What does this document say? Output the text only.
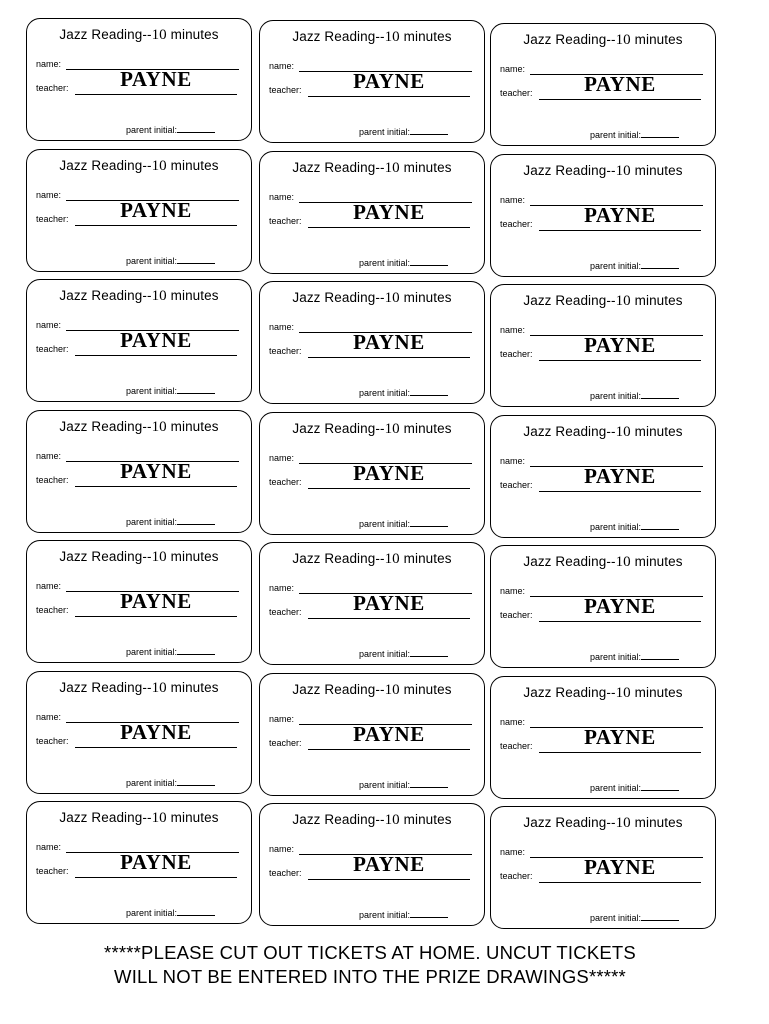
Jazz Reading--10 minutes
name:
teacher:	PAYNE
parent initial:
Jazz Reading--10 minutes
name:
teacher:	PAYNE
parent initial:
Jazz Reading--10 minutes
name:
teacher:	PAYNE
parent initial:
Jazz Reading--10 minutes
name:
teacher:	PAYNE
parent initial:
Jazz Reading--10 minutes
name:
teacher:	PAYNE
parent initial:
Jazz Reading--10 minutes
name:
teacher:	PAYNE
parent initial:
Jazz Reading--10 minutes
name:
teacher:	PAYNE
parent initial:
Jazz Reading--10 minutes
name:
teacher:	PAYNE
parent initial:
Jazz Reading--10 minutes
name:
teacher:	PAYNE
parent initial:
Jazz Reading--10 minutes
name:
teacher:	PAYNE
parent initial:
Jazz Reading--10 minutes
name:
teacher:	PAYNE
parent initial:
Jazz Reading--10 minutes
name:
teacher:	PAYNE
parent initial:
Jazz Reading--10 minutes
name:
teacher:	PAYNE
parent initial:
Jazz Reading--10 minutes
name:
teacher:	PAYNE
parent initial:
Jazz Reading--10 minutes
name:
teacher:	PAYNE
parent initial:
Jazz Reading--10 minutes
name:
teacher:	PAYNE
parent initial:
Jazz Reading--10 minutes
name:
teacher:	PAYNE
parent initial:
Jazz Reading--10 minutes
name:
teacher:	PAYNE
parent initial:
Jazz Reading--10 minutes
name:
teacher:	PAYNE
parent initial:
Jazz Reading--10 minutes
name:
teacher:	PAYNE
parent initial:
Jazz Reading--10 minutes
name:
teacher:	PAYNE
parent initial:
*****PLEASE CUT OUT TICKETS AT HOME. UNCUT TICKETS WILL NOT BE ENTERED INTO THE PRIZE DRAWINGS*****
